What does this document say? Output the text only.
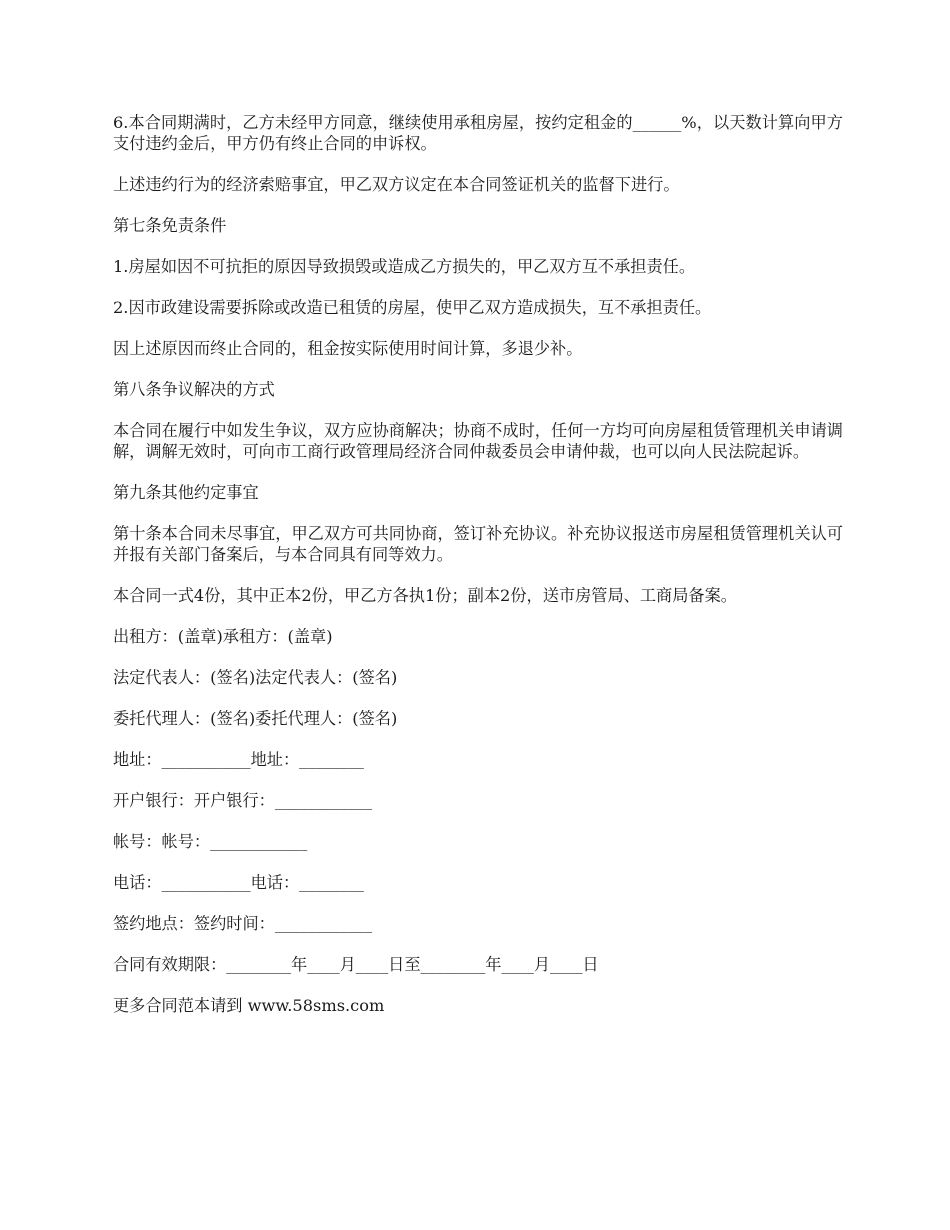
6.本合同期满时，乙方未经甲方同意，继续使用承租房屋，按约定租金的______%，以天数计算向甲方支付违约金后，甲方仍有终止合同的申诉权。

上述违约行为的经济索赔事宜，甲乙双方议定在本合同签证机关的监督下进行。

第七条免责条件

1.房屋如因不可抗拒的原因导致损毁或造成乙方损失的，甲乙双方互不承担责任。

2.因市政建设需要拆除或改造已租赁的房屋，使甲乙双方造成损失，互不承担责任。

因上述原因而终止合同的，租金按实际使用时间计算，多退少补。

第八条争议解决的方式

本合同在履行中如发生争议，双方应协商解决；协商不成时，任何一方均可向房屋租赁管理机关申请调解，调解无效时，可向市工商行政管理局经济合同仲裁委员会申请仲裁，也可以向人民法院起诉。

第九条其他约定事宜

第十条本合同未尽事宜，甲乙双方可共同协商，签订补充协议。补充协议报送市房屋租赁管理机关认可并报有关部门备案后，与本合同具有同等效力。

本合同一式4份，其中正本2份，甲乙方各执1份；副本2份，送市房管局、工商局备案。

出租方：(盖章)承租方：(盖章)

法定代表人：(签名)法定代表人：(签名)

委托代理人：(签名)委托代理人：(签名)

地址：___________地址：________

开户银行：开户银行：____________

帐号：帐号：____________

电话：___________电话：________

签约地点：签约时间：____________

合同有效期限：________年____月____日至________年____月____日

更多合同范本请到 www.58sms.com
